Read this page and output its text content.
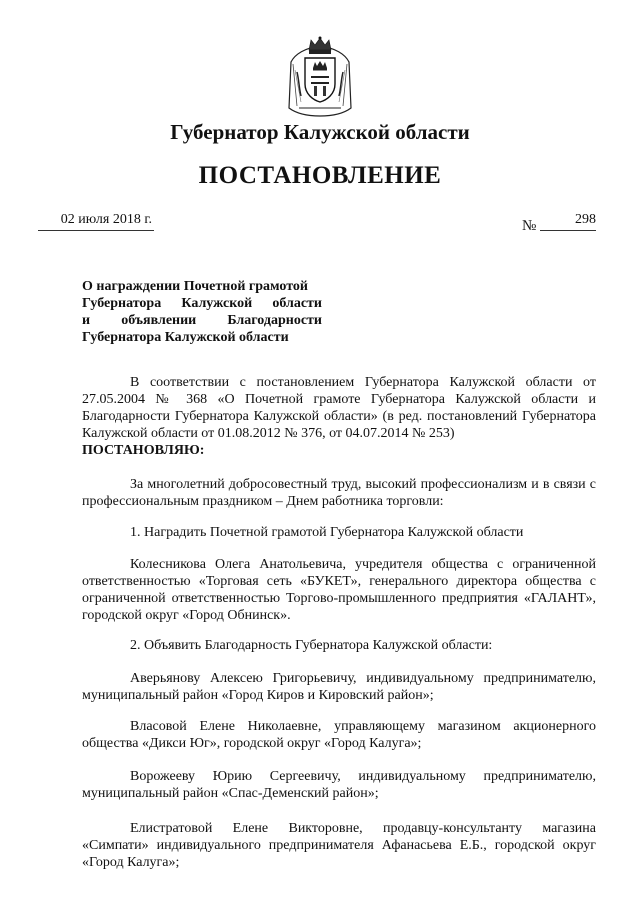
Губернатор Калужской области
ПОСТАНОВЛЕНИЕ
02 июля 2018 г.	№	298
О награждении Почетной грамотой
Губернатора Калужской области
и объявлении Благодарности
Губернатора Калужской области

В соответствии с постановлением Губернатора Калужской области от 27.05.2004 № 368 «О Почетной грамоте Губернатора Калужской области и Благодарности Губернатора Калужской области» (в ред. постановлений Губернатора Калужской области от 01.08.2012 № 376, от 04.07.2014 № 253)

ПОСТАНОВЛЯЮ:

За многолетний добросовестный труд, высокий профессионализм и в связи с профессиональным праздником – Днем работника торговли:

1. Наградить Почетной грамотой Губернатора Калужской области

Колесникова Олега Анатольевича, учредителя общества с ограниченной ответственностью «Торговая сеть «БУКЕТ», генерального директора общества с ограниченной ответственностью Торгово-промышленного предприятия «ГАЛАНТ», городской округ «Город Обнинск».

2. Объявить Благодарность Губернатора Калужской области:

Аверьянову Алексею Григорьевичу, индивидуальному предпринимателю, муниципальный район «Город Киров и Кировский район»;

Власовой Елене Николаевне, управляющему магазином акционерного общества «Дикси Юг», городской округ «Город Калуга»;

Ворожееву Юрию Сергеевичу, индивидуальному предпринимателю, муниципальный район «Спас-Деменский район»;

Елистратовой Елене Викторовне, продавцу-консультанту магазина «Симпати» индивидуального предпринимателя Афанасьева Е.Б., городской округ «Город Калуга»;
